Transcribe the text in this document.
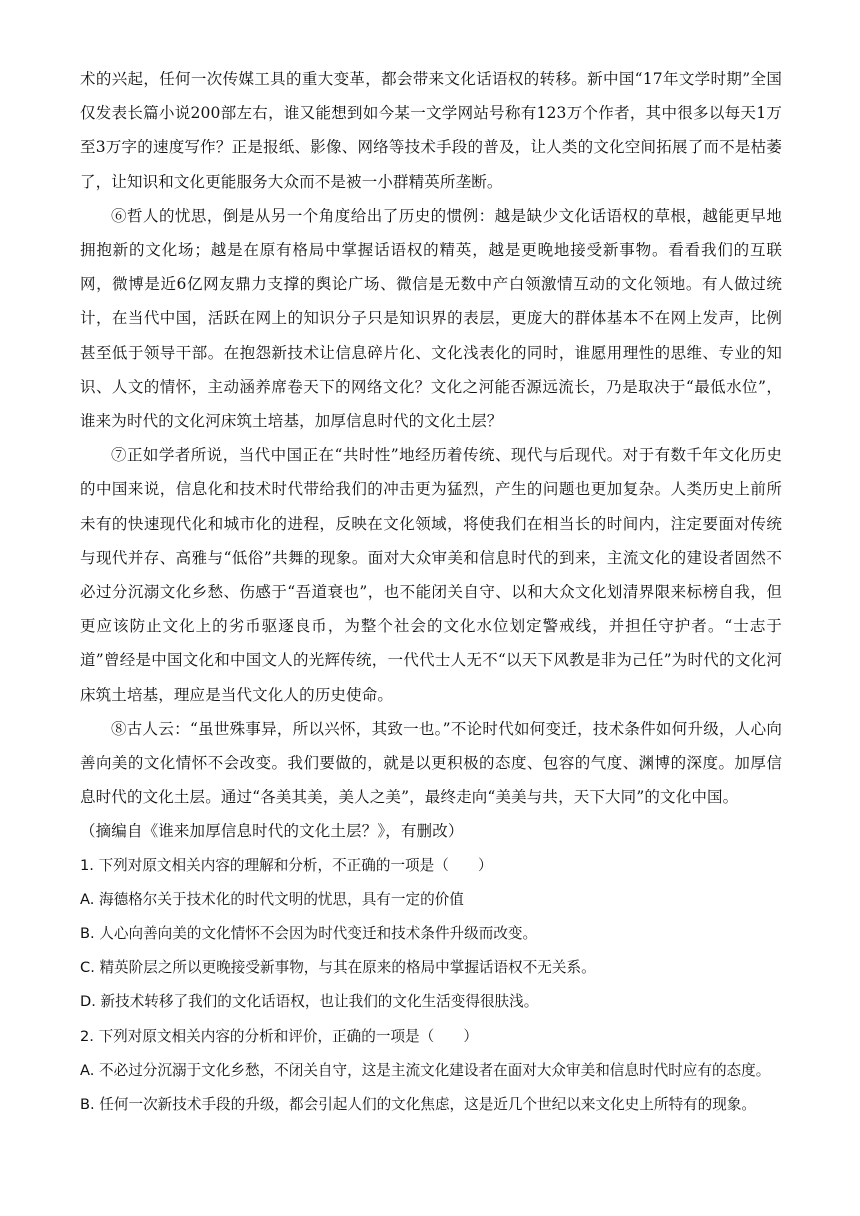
术的兴起，任何一次传媒工具的重大变革，都会带来文化话语权的转移。新中国“17年文学时期”全国仅发表长篇小说200部左右，谁又能想到如今某一文学网站号称有123万个作者，其中很多以每天1万至3万字的速度写作？正是报纸、影像、网络等技术手段的普及，让人类的文化空间拓展了而不是枯萎了，让知识和文化更能服务大众而不是被一小群精英所垄断。

⑥哲人的忧思，倒是从另一个角度给出了历史的惯例：越是缺少文化话语权的草根，越能更早地拥抱新的文化场；越是在原有格局中掌握话语权的精英，越是更晚地接受新事物。看看我们的互联网，微博是近6亿网友鼎力支撑的舆论广场、微信是无数中产白领激情互动的文化领地。有人做过统计，在当代中国，活跃在网上的知识分子只是知识界的表层，更庞大的群体基本不在网上发声，比例甚至低于领导干部。在抱怨新技术让信息碎片化、文化浅表化的同时，谁愿用理性的思维、专业的知识、人文的情怀，主动涵养席卷天下的网络文化？文化之河能否源远流长，乃是取决于“最低水位”，谁来为时代的文化河床筑土培基，加厚信息时代的文化土层？

⑦正如学者所说，当代中国正在“共时性”地经历着传统、现代与后现代。对于有数千年文化历史的中国来说，信息化和技术时代带给我们的冲击更为猛烈，产生的问题也更加复杂。人类历史上前所未有的快速现代化和城市化的进程，反映在文化领域，将使我们在相当长的时间内，注定要面对传统与现代并存、高雅与“低俗”共舞的现象。面对大众审美和信息时代的到来，主流文化的建设者固然不必过分沉溺文化乡愁、伤感于“吾道衰也”，也不能闭关自守、以和大众文化划清界限来标榜自我，但更应该防止文化上的劣币驱逐良币，为整个社会的文化水位划定警戒线，并担任守护者。“士志于道”曾经是中国文化和中国文人的光辉传统，一代代士人无不“以天下风教是非为己任”为时代的文化河床筑土培基，理应是当代文化人的历史使命。

⑧古人云：“虽世殊事异，所以兴怀，其致一也。”不论时代如何变迁，技术条件如何升级，人心向善向美的文化情怀不会改变。我们要做的，就是以更积极的态度、包容的气度、渊博的深度。加厚信息时代的文化土层。通过“各美其美，美人之美”，最终走向“美美与共，天下大同”的文化中国。

（摘编自《谁来加厚信息时代的文化土层？》，有删改）

1. 下列对原文相关内容的理解和分析，不正确的一项是（　　）

A. 海德格尔关于技术化的时代文明的忧思，具有一定的价值

B. 人心向善向美的文化情怀不会因为时代变迁和技术条件升级而改变。

C. 精英阶层之所以更晚接受新事物，与其在原来的格局中掌握话语权不无关系。

D. 新技术转移了我们的文化话语权，也让我们的文化生活变得很肤浅。

2. 下列对原文相关内容的分析和评价，正确的一项是（　　）

A. 不必过分沉溺于文化乡愁，不闭关自守，这是主流文化建设者在面对大众审美和信息时代时应有的态度。

B. 任何一次新技术手段的升级，都会引起人们的文化焦虑，这是近几个世纪以来文化史上所特有的现象。
